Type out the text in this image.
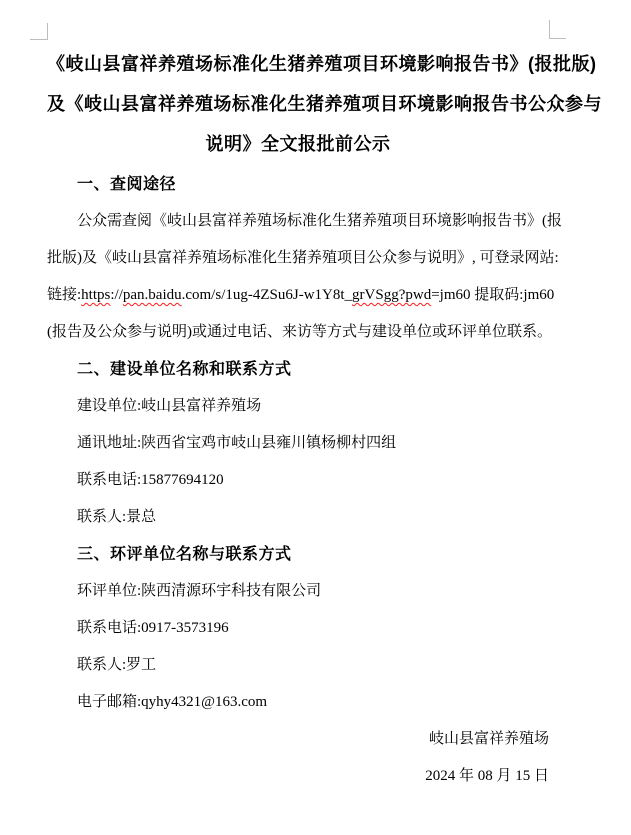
《岐山县富祥养殖场标准化生猪养殖项目环境影响报告书》(报批版)
及《岐山县富祥养殖场标准化生猪养殖项目环境影响报告书公众参与
说明》全文报批前公示
一、查阅途径
公众需查阅《岐山县富祥养殖场标准化生猪养殖项目环境影响报告书》(报
批版)及《岐山县富祥养殖场标准化生猪养殖项目公众参与说明》, 可登录网站:
链接:https://pan.baidu.com/s/1ug-4ZSu6J-w1Y8t_grVSgg?pwd=jm60 提取码:jm60
(报告及公众参与说明)或通过电话、来访等方式与建设单位或环评单位联系。
二、建设单位名称和联系方式
建设单位:岐山县富祥养殖场
通讯地址:陕西省宝鸡市岐山县雍川镇杨柳村四组
联系电话:15877694120
联系人:景总
三、环评单位名称与联系方式
环评单位:陕西清源环宇科技有限公司
联系电话:0917-3573196
联系人:罗工
电子邮箱:qyhy4321@163.com
岐山县富祥养殖场
2024 年 08 月 15 日
